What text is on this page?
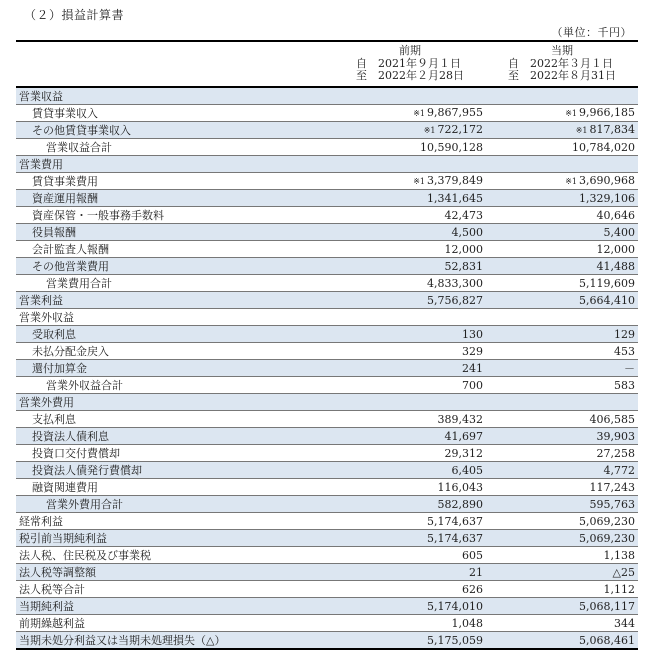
（２）損益計算書
（単位：千円）

	前期
自　2021年９月１日
至　2022年２月28日	当期
自　2022年３月１日
至　2022年８月31日

営業収益		
賃貸事業収入	※1 9,867,955	※1 9,966,185
その他賃貸事業収入	※1 722,172	※1 817,834
営業収益合計	10,590,128	10,784,020
営業費用		
賃貸事業費用	※1 3,379,849	※1 3,690,968
資産運用報酬	1,341,645	1,329,106
資産保管・一般事務手数料	42,473	40,646
役員報酬	4,500	5,400
会計監査人報酬	12,000	12,000
その他営業費用	52,831	41,488
営業費用合計	4,833,300	5,119,609
営業利益	5,756,827	5,664,410
営業外収益		
受取利息	130	129
未払分配金戻入	329	453
還付加算金	241	－
営業外収益合計	700	583
営業外費用		
支払利息	389,432	406,585
投資法人債利息	41,697	39,903
投資口交付費償却	29,312	27,258
投資法人債発行費償却	6,405	4,772
融資関連費用	116,043	117,243
営業外費用合計	582,890	595,763
経常利益	5,174,637	5,069,230
税引前当期純利益	5,174,637	5,069,230
法人税、住民税及び事業税	605	1,138
法人税等調整額	21	△25
法人税等合計	626	1,112
当期純利益	5,174,010	5,068,117
前期繰越利益	1,048	344
当期未処分利益又は当期未処理損失（△）	5,175,059	5,068,461
